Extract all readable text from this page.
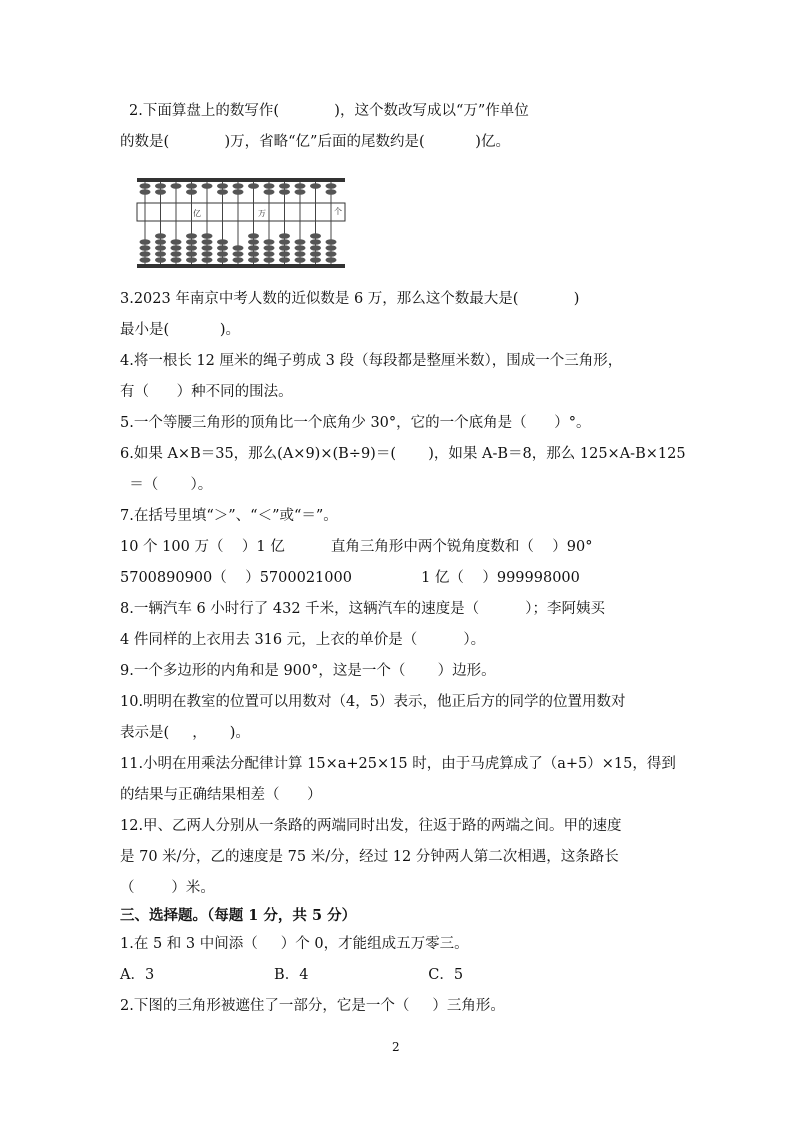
2.下面算盘上的数写作(            )，这个数改写成以“万”作单位
的数是(            )万，省略“亿”后面的尾数约是(           )亿。
亿	万	个
3.2023 年南京中考人数的近似数是 6 万，那么这个数最大是(            )
最小是(           )。
4.将一根长 12 厘米的绳子剪成 3 段（每段都是整厘米数），围成一个三角形，
有（      ）种不同的围法。
5.一个等腰三角形的顶角比一个底角少 30°，它的一个底角是（      ）°。
6.如果 A×B＝35，那么(A×9)×(B÷9)＝(       )，如果 A-B＝8，那么 125×A-B×125
＝（       ）。
7.在括号里填“＞”、“＜”或“＝”。
10 个 100 万（    ）1 亿          直角三角形中两个锐角度数和（    ）90°
5700890900（    ）5700021000               1 亿（    ）999998000
8.一辆汽车 6 小时行了 432 千米，这辆汽车的速度是（          ）；李阿姨买
4 件同样的上衣用去 316 元，上衣的单价是（          ）。
9.一个多边形的内角和是 900°，这是一个（       ）边形。
10.明明在教室的位置可以用数对（4，5）表示，他正后方的同学的位置用数对
表示是(     ，     )。
11.小明在用乘法分配律计算 15×a+25×15 时，由于马虎算成了（a+5）×15，得到
的结果与正确结果相差（      ）
12.甲、乙两人分别从一条路的两端同时出发，往返于路的两端之间。甲的速度
是 70 米/分，乙的速度是 75 米/分，经过 12 分钟两人第二次相遇，这条路长
（        ）米。
三、选择题。（每题 1 分，共 5 分）
1.在 5 和 3 中间添（     ）个 0，才能组成五万零三。
A．3                          B．4                          C．5
2.下图的三角形被遮住了一部分，它是一个（     ）三角形。
2
